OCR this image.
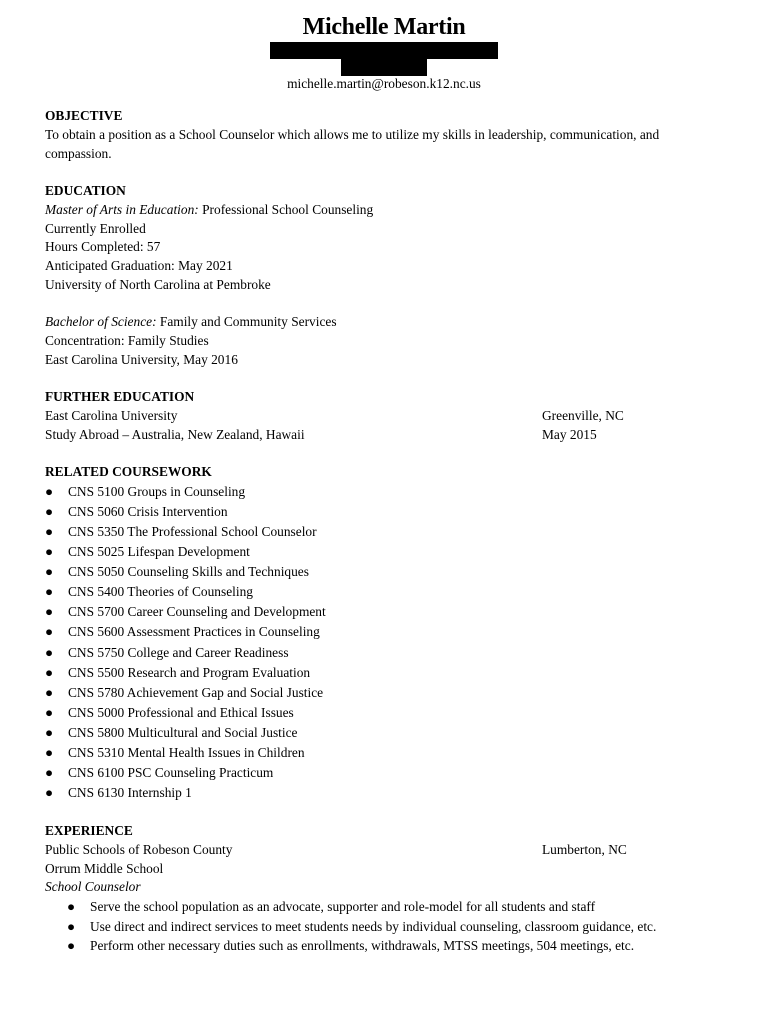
Michelle Martin
michelle.martin@robeson.k12.nc.us
OBJECTIVE
To obtain a position as a School Counselor which allows me to utilize my skills in leadership, communication, and
compassion.
EDUCATION
Master of Arts in Education: Professional School Counseling
Currently Enrolled
Hours Completed: 57
Anticipated Graduation: May 2021
University of North Carolina at Pembroke
Bachelor of Science: Family and Community Services
Concentration: Family Studies
East Carolina University, May 2016
FURTHER EDUCATION
East Carolina University	Greenville, NC
Study Abroad – Australia, New Zealand, Hawaii	May 2015
RELATED COURSEWORK
● CNS 5100 Groups in Counseling
● CNS 5060 Crisis Intervention
● CNS 5350 The Professional School Counselor
● CNS 5025 Lifespan Development
● CNS 5050 Counseling Skills and Techniques
● CNS 5400 Theories of Counseling
● CNS 5700 Career Counseling and Development
● CNS 5600 Assessment Practices in Counseling
● CNS 5750 College and Career Readiness
● CNS 5500 Research and Program Evaluation
● CNS 5780 Achievement Gap and Social Justice
● CNS 5000 Professional and Ethical Issues
● CNS 5800 Multicultural and Social Justice
● CNS 5310 Mental Health Issues in Children
● CNS 6100 PSC Counseling Practicum
● CNS 6130 Internship 1
EXPERIENCE
Public Schools of Robeson County	Lumberton, NC
Orrum Middle School
School Counselor
● Serve the school population as an advocate, supporter and role-model for all students and staff
● Use direct and indirect services to meet students needs by individual counseling, classroom guidance, etc.
● Perform other necessary duties such as enrollments, withdrawals, MTSS meetings, 504 meetings, etc.
